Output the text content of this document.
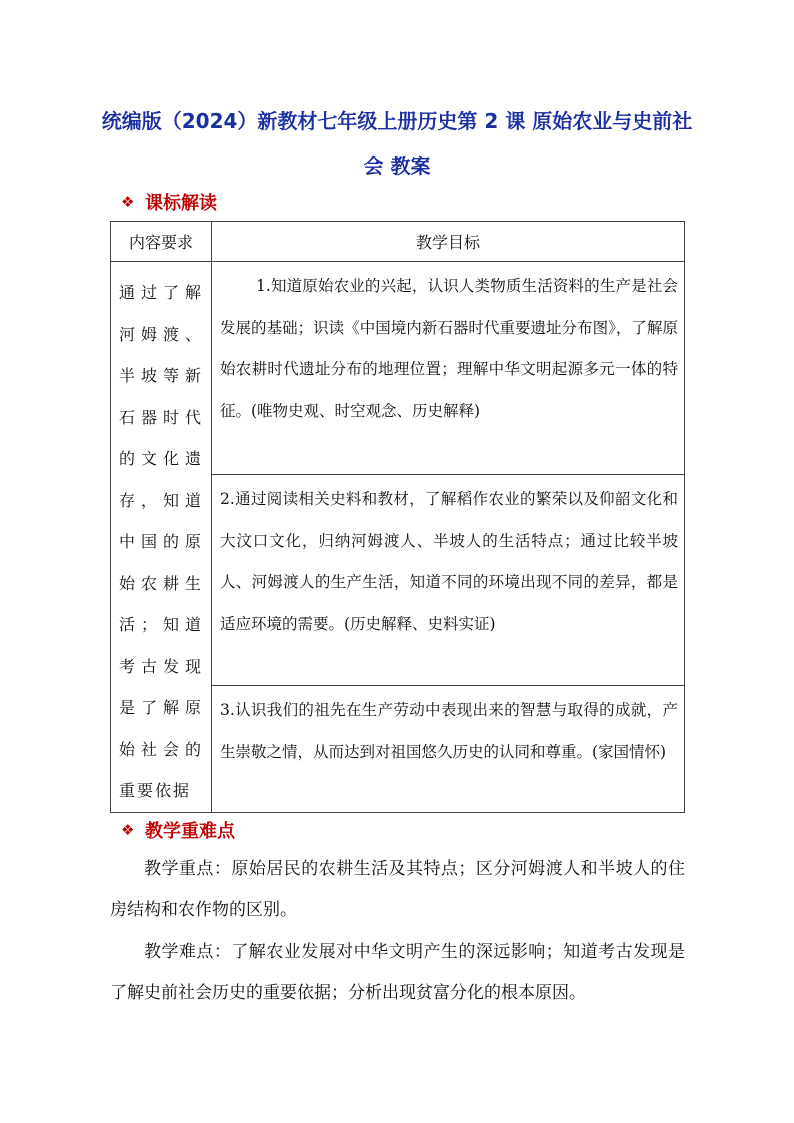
统编版（2024）新教材七年级上册历史第 2 课 原始农业与史前社会 教案
❖ 课标解读
内容要求	教学目标
通过了解河姆渡、半坡等新石器时代的文化遗存，知道中国的原始农耕生活；知道考古发现是了解原始社会的重要依据	1.知道原始农业的兴起，认识人类物质生活资料的生产是社会发展的基础；识读《中国境内新石器时代重要遗址分布图》，了解原始农耕时代遗址分布的地理位置；理解中华文明起源多元一体的特征。(唯物史观、时空观念、历史解释)
	2.通过阅读相关史料和教材，了解稻作农业的繁荣以及仰韶文化和大汶口文化，归纳河姆渡人、半坡人的生活特点；通过比较半坡人、河姆渡人的生产生活，知道不同的环境出现不同的差异，都是适应环境的需要。(历史解释、史料实证)
	3.认识我们的祖先在生产劳动中表现出来的智慧与取得的成就，产生崇敬之情，从而达到对祖国悠久历史的认同和尊重。(家国情怀)
❖ 教学重难点

教学重点：原始居民的农耕生活及其特点；区分河姆渡人和半坡人的住房结构和农作物的区别。

教学难点：了解农业发展对中华文明产生的深远影响；知道考古发现是了解史前社会历史的重要依据；分析出现贫富分化的根本原因。
